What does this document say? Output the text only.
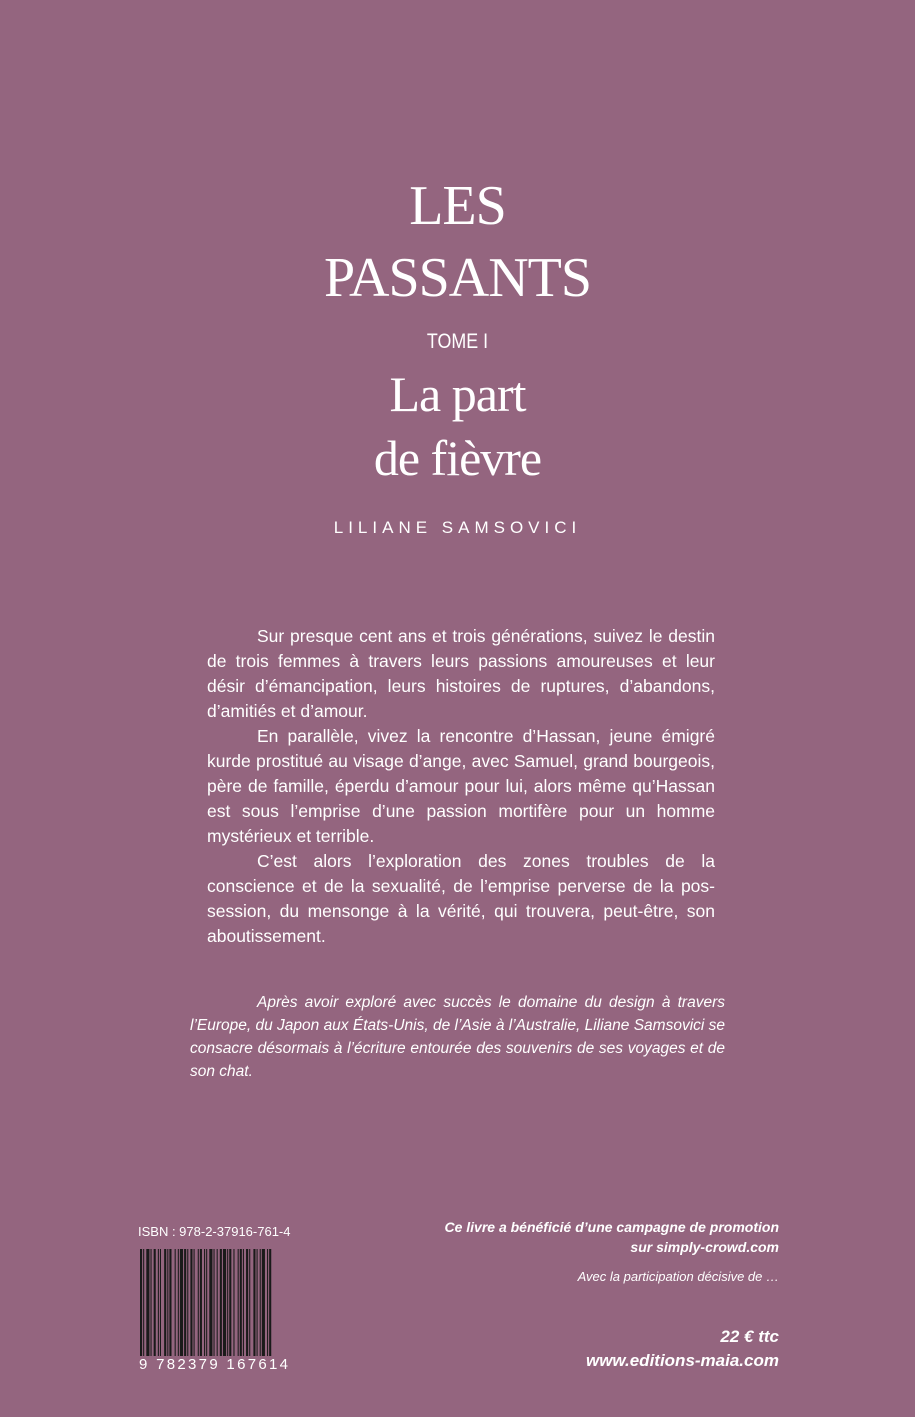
LES
PASSANTS
TOME I
La part
de fièvre
LILIANE SAMSOVICI

Sur presque cent ans et trois générations, suivez le destin de trois femmes à travers leurs passions amoureuses et leur désir d’émancipation, leurs histoires de ruptures, d’abandons, d’amitiés et d’amour.

En parallèle, vivez la rencontre d’Hassan, jeune émigré kurde prostitué au visage d’ange, avec Samuel, grand bourgeois, père de famille, éperdu d’amour pour lui, alors même qu’Hassan est sous l’emprise d’une passion mortifère pour un homme mystérieux et terrible.

C’est alors l’exploration des zones troubles de la conscience et de la sexualité, de l’emprise perverse de la possession, du mensonge à la vérité, qui trouvera, peut-être, son aboutissement.

Après avoir exploré avec succès le domaine du design à travers l’Europe, du Japon aux États-Unis, de l’Asie à l’Australie, Liliane Samsovici se consacre désormais à l’écriture entourée des souvenirs de ses voyages et de son chat.

ISBN : 978-2-37916-761-4
9 782379 167614
Ce livre a bénéficié d’une campagne de promotion
sur simply-crowd.com
Avec la participation décisive de …
22 € ttc
www.editions-maia.com
